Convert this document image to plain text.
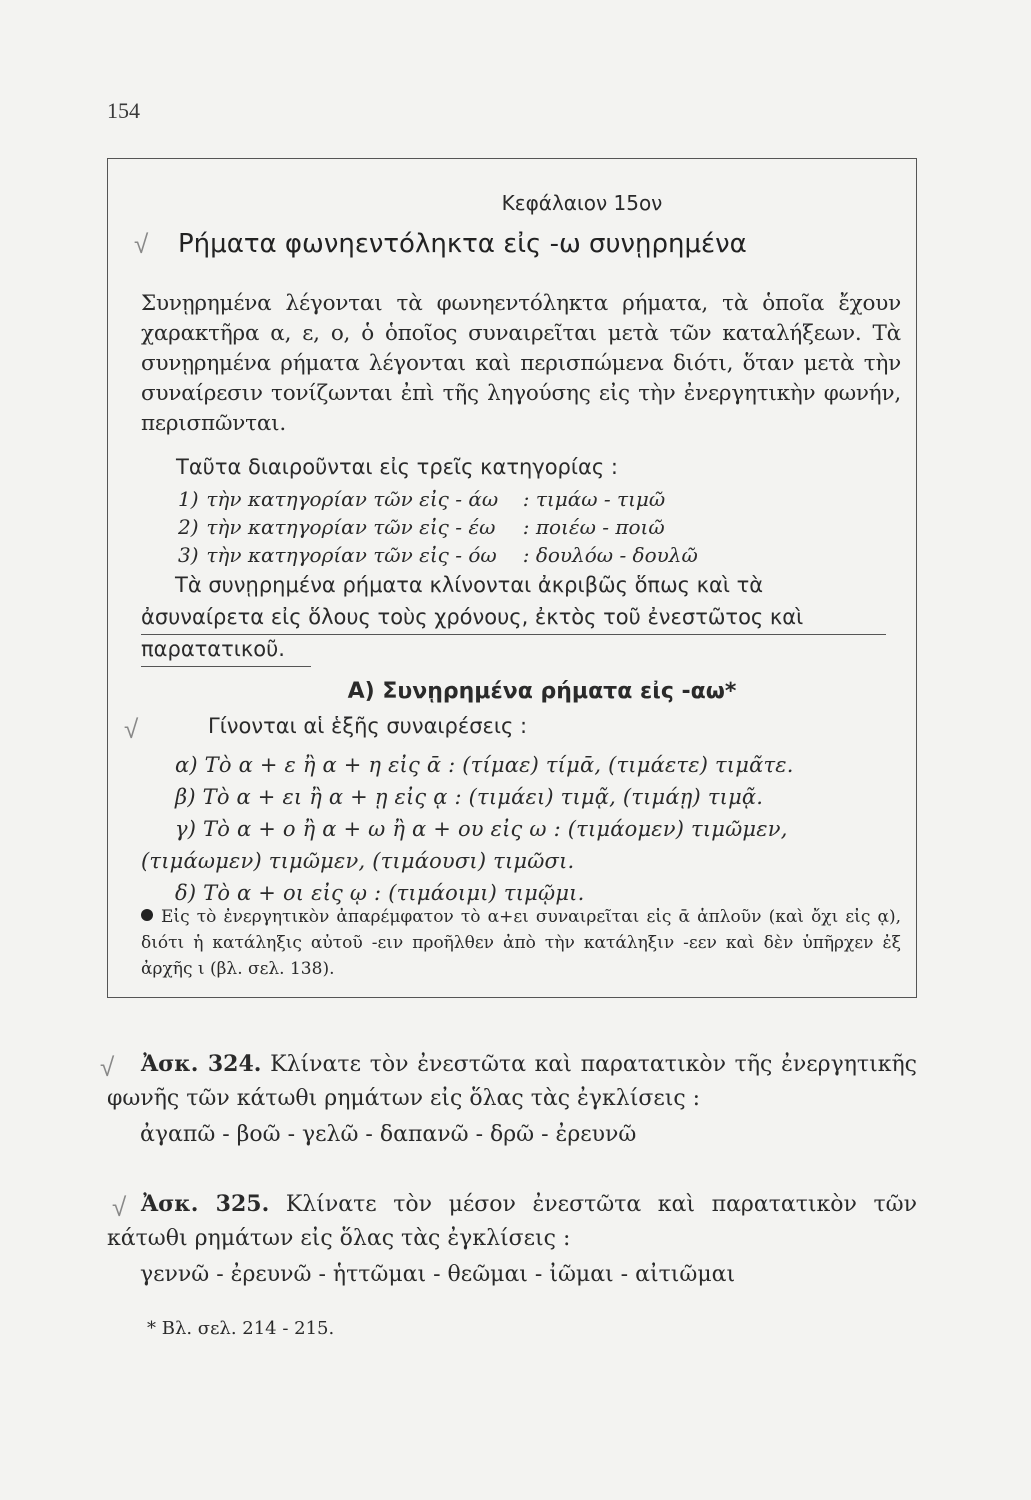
154
Κεφάλαιον 15ον
√ Ρήματα φωνηεντόληκτα εἰς -ω συνῃρημένα
Συνῃρημένα λέγονται τὰ φωνηεντόληκτα ρήματα, τὰ ὁποῖα ἔχουν χαρακτῆρα α, ε, ο, ὁ ὁποῖος συναιρεῖται μετὰ τῶν καταλήξεων. Τὰ συνῃρημένα ρήματα λέγονται καὶ περισπώμενα διότι, ὅταν μετὰ τὴν συναίρεσιν τονίζωνται ἐπὶ τῆς ληγούσης εἰς τὴν ἐνεργητικὴν φωνήν, περισπῶνται.
Ταῦτα διαιροῦνται εἰς τρεῖς κατηγορίας :
1) τὴν κατηγορίαν τῶν εἰς - άω : τιμάω - τιμῶ
2) τὴν κατηγορίαν τῶν εἰς - έω : ποιέω - ποιῶ
3) τὴν κατηγορίαν τῶν εἰς - όω : δουλόω - δουλῶ
Τὰ συνῃρημένα ρήματα κλίνονται ἀκριβῶς ὅπως καὶ τὰ ἀσυναίρετα εἰς ὅλους τοὺς χρόνους, ἐκτὸς τοῦ ἐνεστῶτος καὶ παρατατικοῦ.
Α) Συνῃρημένα ρήματα εἰς -αω*
√	Γίνονται αἱ ἑξῆς συναιρέσεις :
α) Τὸ α + ε ἢ α + η εἰς ᾱ : (τίμαε) τίμᾱ, (τιμάετε) τιμᾶτε.
β) Τὸ α + ει ἢ α + ῃ εἰς ᾳ : (τιμάει) τιμᾷ, (τιμάῃ) τιμᾷ.
γ) Τὸ α + ο ἢ α + ω ἢ α + ου εἰς ω : (τιμάομεν) τιμῶμεν,
(τιμάωμεν) τιμῶμεν, (τιμάουσι) τιμῶσι.
δ) Τὸ α + οι εἰς ῳ : (τιμάοιμι) τιμῷμι.
Εἰς τὸ ἐνεργητικὸν ἀπαρέμφατον τὸ α+ει συναιρεῖται εἰς ᾱ ἁπλοῦν (καὶ ὄχι εἰς ᾳ), διότι ἡ κατάληξις αὐτοῦ -ειν προῆλθεν ἀπὸ τὴν κατάληξιν -εεν καὶ δὲν ὑπῆρχεν ἐξ ἀρχῆς ι (βλ. σελ. 138).
√	Ἀσκ. 324. Κλίνατε τὸν ἐνεστῶτα καὶ παρατατικὸν τῆς ἐνεργητικῆς φωνῆς τῶν κάτωθι ρημάτων εἰς ὅλας τὰς ἐγκλίσεις :
ἀγαπῶ - βοῶ - γελῶ - δαπανῶ - δρῶ - ἐρευνῶ
√ Ἀσκ. 325. Κλίνατε τὸν μέσον ἐνεστῶτα καὶ παρατατικὸν τῶν κάτωθι ρημάτων εἰς ὅλας τὰς ἐγκλίσεις :
γεννῶ - ἐρευνῶ - ἡττῶμαι - θεῶμαι - ἰῶμαι - αἰτιῶμαι
* Βλ. σελ. 214 - 215.
